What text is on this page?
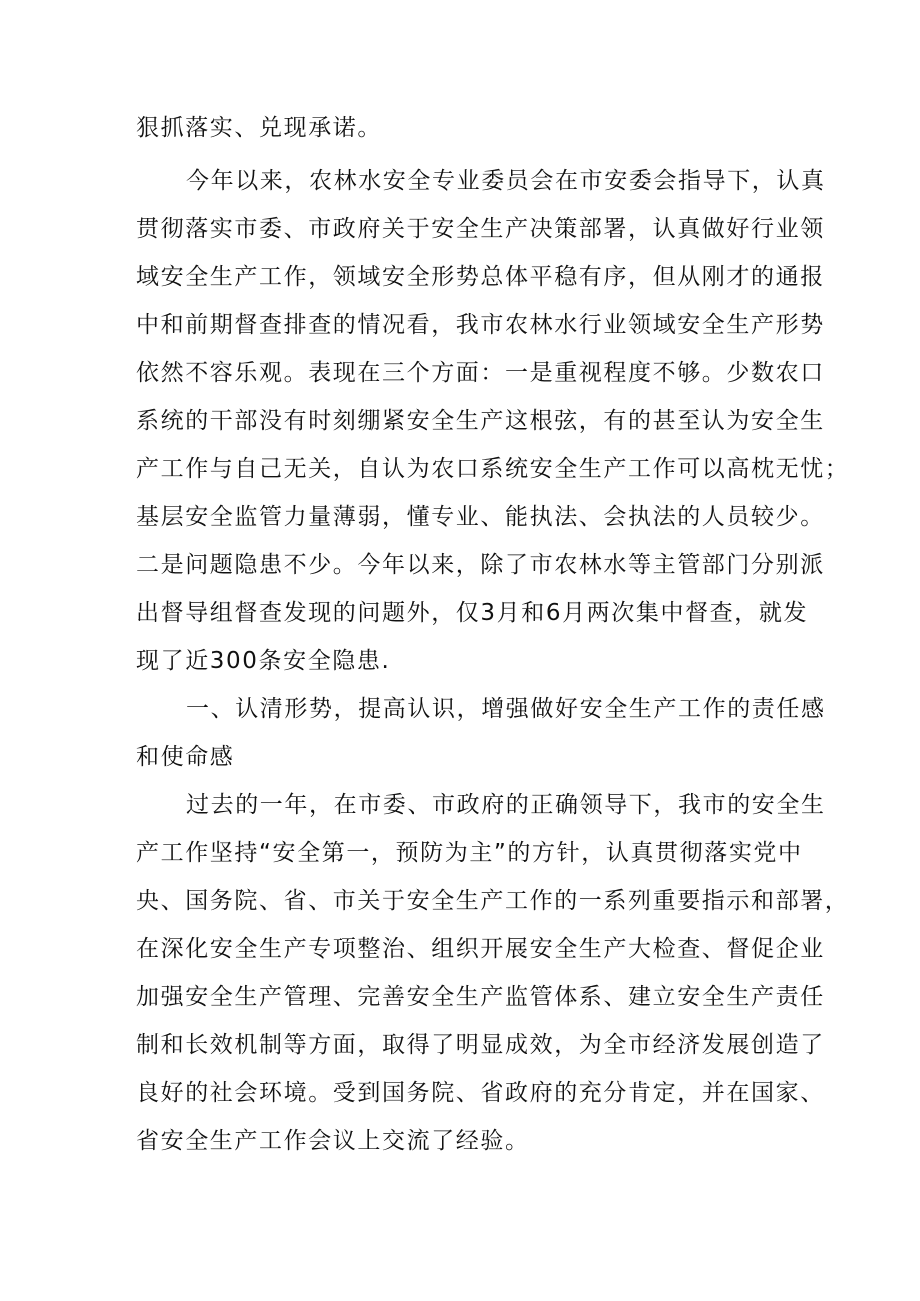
狠抓落实、兑现承诺。
今年以来，农林水安全专业委员会在市安委会指导下，认真
贯彻落实市委、市政府关于安全生产决策部署，认真做好行业领
域安全生产工作，领域安全形势总体平稳有序，但从刚才的通报
中和前期督查排查的情况看，我市农林水行业领域安全生产形势
依然不容乐观。表现在三个方面：一是重视程度不够。少数农口
系统的干部没有时刻绷紧安全生产这根弦，有的甚至认为安全生
产工作与自己无关，自认为农口系统安全生产工作可以高枕无忧；
基层安全监管力量薄弱，懂专业、能执法、会执法的人员较少。
二是问题隐患不少。今年以来，除了市农林水等主管部门分别派
出督导组督查发现的问题外，仅3月和6月两次集中督查，就发
现了近300条安全隐患.
一、认清形势，提高认识，增强做好安全生产工作的责任感
和使命感
过去的一年，在市委、市政府的正确领导下，我市的安全生
产工作坚持“安全第一，预防为主”的方针，认真贯彻落实党中
央、国务院、省、市关于安全生产工作的一系列重要指示和部署，
在深化安全生产专项整治、组织开展安全生产大检查、督促企业
加强安全生产管理、完善安全生产监管体系、建立安全生产责任
制和长效机制等方面，取得了明显成效，为全市经济发展创造了
良好的社会环境。受到国务院、省政府的充分肯定，并在国家、
省安全生产工作会议上交流了经验。
